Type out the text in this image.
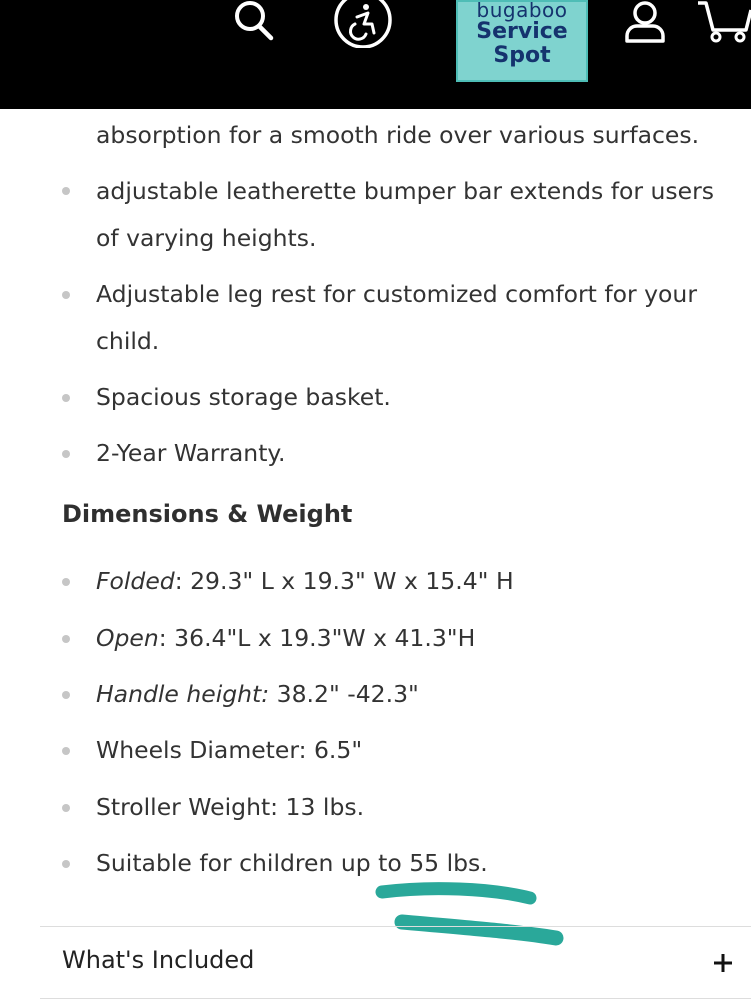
bugaboo
Service
Spot

absorption for a smooth ride over various surfaces.

adjustable leatherette bumper bar extends for users of varying heights.

Adjustable leg rest for customized comfort for your child.

Spacious storage basket.

2-Year Warranty.

Dimensions & Weight

Folded: 29.3" L x 19.3" W x 15.4" H

Open: 36.4"L x 19.3"W x 41.3"H

Handle height: 38.2" -42.3"

Wheels Diameter: 6.5"

Stroller Weight: 13 lbs.

Suitable for children up to 55 lbs.

What's Included
